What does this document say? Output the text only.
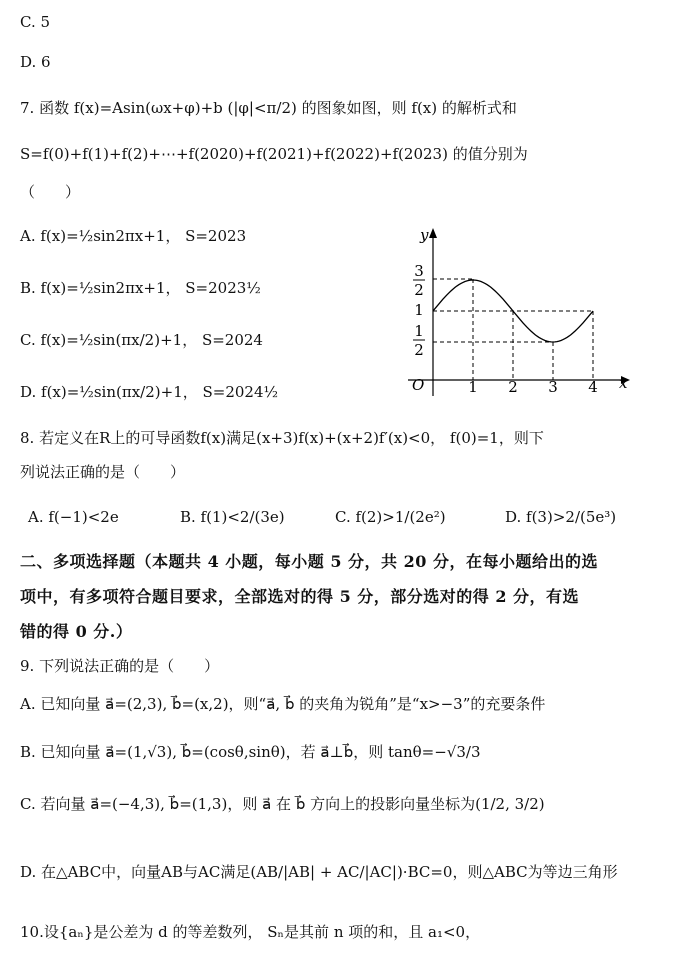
C. 5
D. 6
7. 函数 f(x)=Asin(ωx+φ)+b (|φ|<π/2) 的图象如图，则 f(x) 的解析式和
S=f(0)+f(1)+f(2)+⋯+f(2020)+f(2021)+f(2022)+f(2023) 的值分别为
（　　）
A. f(x)=½sin2πx+1， S=2023
B. f(x)=½sin2πx+1， S=2023½
C. f(x)=½sin(πx/2)+1， S=2024
D. f(x)=½sin(πx/2)+1， S=2024½
y
x
O
3
2
1
1
2
1 2 3 4
8. 若定义在R上的可导函数f(x)满足(x+3)f(x)+(x+2)f′(x)<0， f(0)=1，则下
列说法正确的是（　　）
A. f(−1)<2e	B. f(1)<2/(3e)	C. f(2)>1/(2e²)	D. f(3)>2/(5e³)
二、多项选择题（本题共 4 小题，每小题 5 分，共 20 分，在每小题给出的选
项中，有多项符合题目要求，全部选对的得 5 分，部分选对的得 2 分，有选
错的得 0 分.）
9. 下列说法正确的是（　　）
A. 已知向量 a⃗=(2,3), b⃗=(x,2)，则“a⃗, b⃗ 的夹角为锐角”是“x>−3”的充要条件
B. 已知向量 a⃗=(1,√3), b⃗=(cosθ,sinθ)，若 a⃗⊥b⃗，则 tanθ=−√3/3
C. 若向量 a⃗=(−4,3), b⃗=(1,3)，则 a⃗ 在 b⃗ 方向上的投影向量坐标为(1/2, 3/2)
D. 在△ABC中，向量AB与AC满足(AB/|AB| + AC/|AC|)·BC=0，则△ABC为等边三角形
10.设{aₙ}是公差为 d 的等差数列， Sₙ是其前 n 项的和，且 a₁<0，
